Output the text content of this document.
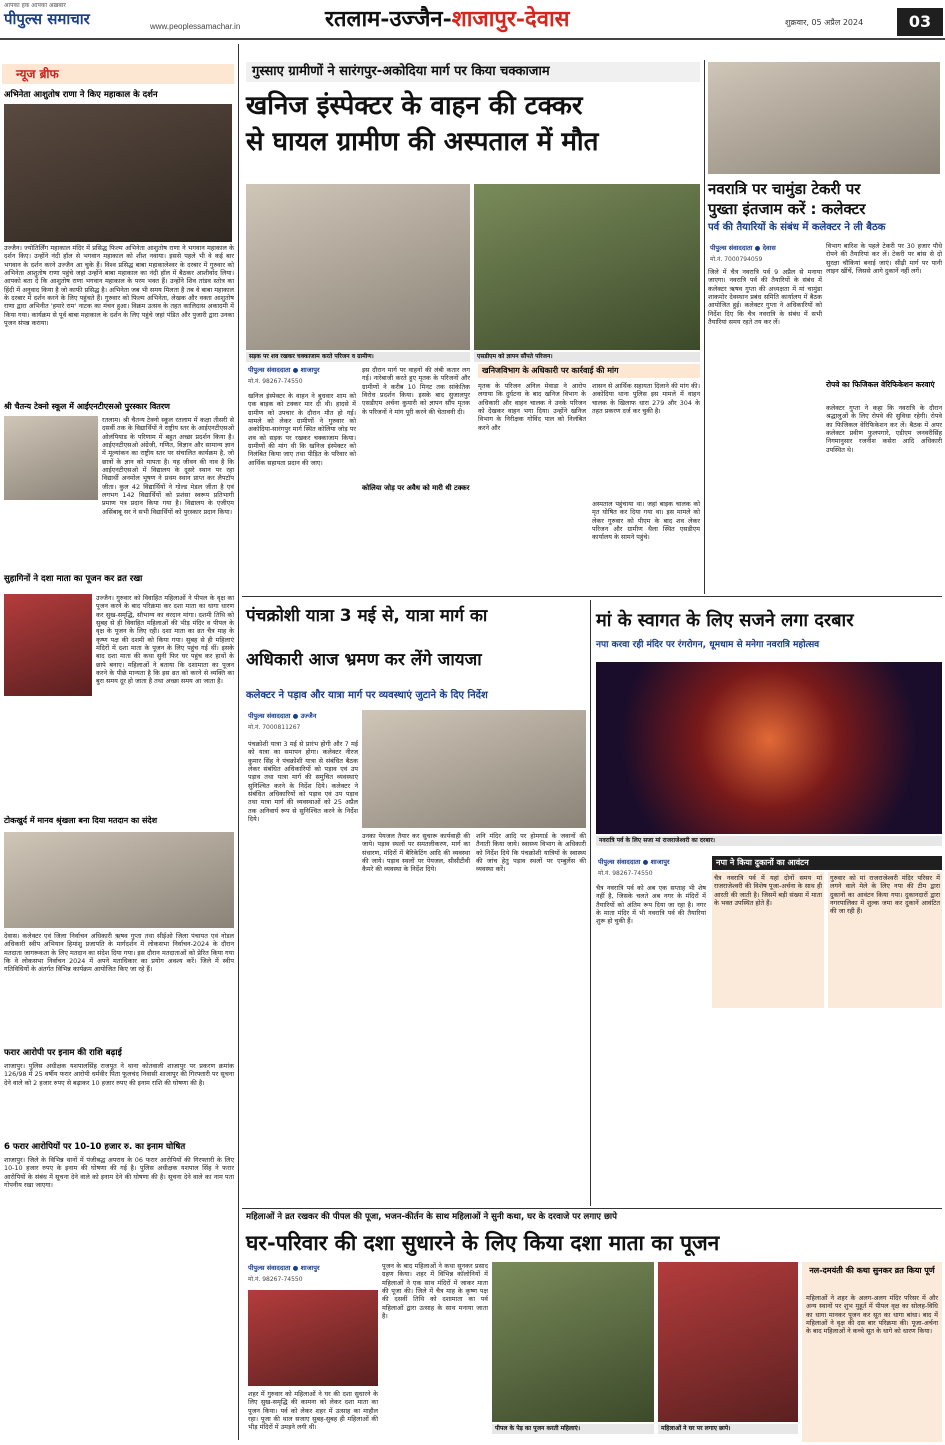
आपका हक आपका अख़बार
पीपुल्स समाचार	www.peoplessamachar.in	रतलाम-उज्जैन-शाजापुर-देवास	शुक्रवार, 05 अप्रैल 2024	03
न्यूज ब्रीफ
अभिनेता आशुतोष राणा ने किए महाकाल के दर्शन
उज्जैन। ज्योतिर्लिंग महाकाल मंदिर में प्रसिद्ध फिल्म अभिनेता आशुतोष राणा ने भगवान महाकाल के दर्शन किए। उन्होंने नंदी हॉल से भगवान महाकाल को शीश नवाया। इससे पहले भी वे कई बार भगवान के दर्शन करने उज्जैन आ चुके हैं। विश्व प्रसिद्ध बाबा महाकालेश्वर के दरबार में गुरुवार को अभिनेता आशुतोष राणा पहुंचे जहां उन्होंने बाबा महाकाल का नंदी हॉल में बैठकर आशीर्वाद लिया। आपको बता दें कि आशुतोष राणा भगवान महाकाल के परम भक्त हैं। उन्होंने शिव तांडव स्तोत्र का हिंदी में अनुवाद किया है जो काफी प्रसिद्ध है। अभिनेता जब भी समय मिलता है तब वे बाबा महाकाल के दरबार में दर्शन करने के लिए पहुंचते हैं। गुरुवार को फिल्म अभिनेता, लेखक और वक्ता आशुतोष राणा द्वारा अभिनीत 'हमारे राम' नाटक का मंचन हुआ। विक्रम उत्सव के तहत कालिदास अकादमी में किया गया। कार्यक्रम से पूर्व बाबा महाकाल के दर्शन के लिए पहुंचे जहां पंडित और पुजारी द्वारा उनका पूजन संपन्न कराया।
श्री चैतन्य टेक्नो स्कूल में आईएनटीएसओ पुरस्कार वितरण
रतलाम। श्री चैतन्य टेक्नो स्कूल रतलाम में कक्षा तीसरी से दसवीं तक के विद्यार्थियों ने राष्ट्रीय स्तर के आईएनटीएसओ ओलंपियाड के परिणाम में बहुत अच्छा प्रदर्शन किया है। आईएनटीएसओ अंग्रेजी, गणित, विज्ञान और सामान्य ज्ञान में मूल्यांकन का राष्ट्रीय स्तर पर संचालित कार्यक्रम है, जो छात्रों के ज्ञान को मापता है। यह जीवन की नाव है कि आईएनटीएसओ में विद्यालय के दूसरे स्थान पर रहा विद्यार्थी अनमोल भूषण ने प्रथम स्थान प्राप्त कर लैपटॉप जीता। कुल 42 विद्यार्थियों ने गोल्ड मेडल जीता है एवं लगभग 142 विद्यार्थियों को प्रशंसा स्वरूप प्रतिभागी प्रमाण पत्र प्रदान किया गया है। विद्यालय के एजीएम असिंबाबू सर ने सभी विद्यार्थियों को पुरस्कार प्रदान किया।
सुहागिनों ने दशा माता का पूजन कर व्रत रखा
उज्जैन। गुरुवार को विवाहित महिलाओं ने पीपल के वृक्ष का पूजन करने के बाद परिक्रमा कर दशा माता का धागा धारण कर सुख-समृद्धि, सौभाग्य का वरदान मांगा। दशमी तिथि को सुबह से ही विवाहित महिलाओं की भीड़ मंदिर व पीपल के वृक्ष के पूजन के लिए रही। दशा माता का व्रत चैत्र माह के कृष्ण पक्ष की दशमी को किया गया। सुबह से ही महिलाएं मंदिरों में दशा माता के पूजन के लिए पहुंच गई थीं। इसके बाद दशा माता की कथा सुनी फिर घर पहुंच कर हाथों के छापे बनाए। महिलाओं ने बताया कि दशामाता का पूजन करने के पीछे मान्यता है कि इस व्रत को करने से व्यक्ति का बुरा समय दूर हो जाता है तथा अच्छा समय आ जाता है।
टोकखुर्द में मानव श्रृंखला बना दिया मतदान का संदेश
देवास। कलेक्टर एवं जिला निर्वाचन अधिकारी ऋषव गुप्ता तथा सीईओ जिला पंचायत एवं नोडल अधिकारी स्वीप अभियान हिमांशु प्रजापति के मार्गदर्शन में लोकसभा निर्वाचन-2024 के दौरान मतदाता जागरूकता के लिए मतदान का संदेश दिया गया। इस दौरान मतदाताओं को प्रेरित किया गया कि वे लोकसभा निर्वाचन 2024 में अपने मताधिकार का प्रयोग अवश्य करें। जिले में स्वीप गतिविधियों के अंतर्गत विभिन्न कार्यक्रम आयोजित किए जा रहे हैं।
फरार आरोपी पर इनाम की राशि बढ़ाई
शाजापुर। पुलिस अधीक्षक यशपालसिंह राजपूत ने थाना कोतवाली शाजापुर पर प्रकरण क्रमांक 126/98 में 25 वर्षीय फरार आरोपी धर्मवीर पिता फूलचंद निवासी शाजापुर की गिरफ्तारी पर सूचना देने वाले को 2 हजार रुपए से बढ़ाकर 10 हजार रुपए की इनाम राशि की घोषणा की है।
6 फरार आरोपियों पर 10-10 हजार रु. का इनाम घोषित
शाजापुर। जिले के विभिन्न थानों में पंजीबद्ध अपराध के 06 फरार आरोपियों की गिरफ्तारी के लिए 10-10 हजार रुपए के इनाम की घोषणा की गई है। पुलिस अधीक्षक यशपाल सिंह ने फरार आरोपियों के संबंध में सूचना देने वाले को इनाम देने की घोषणा की है। सूचना देने वाले का नाम पता गोपनीय रखा जाएगा।
गुस्साए ग्रामीणों ने सारंगपुर-अकोदिया मार्ग पर किया चक्काजाम
खनिज इंस्पेक्टर के वाहन की टक्कर
से घायल ग्रामीण की अस्पताल में मौत
सड़क पर शव रखकर चक्काजाम करते परिजन व ग्रामीण।	एसडीएम को ज्ञापन सौंपते परिजन।
पीपुल्स संवाददाता ● शाजापुर
मो.नं. 98267-74550
खनिजविभाग के अधिकारी पर कार्रवाई की मांग
खनिज इंस्पेक्टर के वाहन ने बुधवार शाम को एक बाइक को टक्कर मार दी थी। हादसे में ग्रामीण को उपचार के दौरान मौत हो गई। मामले को लेकर ग्रामीणों ने गुरुवार को अकोदिया-सारंगपुर मार्ग स्थित कोलिया जोड़ पर शव को सड़क पर रखकर चक्काजाम किया। ग्रामीणों की मांग थी कि खनिज इंस्पेक्टर को निलंबित किया जाए तथा पीड़ित के परिवार को आर्थिक सहायता प्रदान की जाए।
इस दौरान मार्ग पर वाहनों की लंबी कतार लग गई। नारेबाजी करते हुए मृतक के परिजनों और ग्रामीणों ने करीब 10 मिनट तक सांकेतिक विरोध प्रदर्शन किया। इसके बाद सुजालपुर एसडीएम अर्चना कुमारी को ज्ञापन सौंप मृतक के परिजनों ने मांग पूरी करने की चेतावनी दी।
कोलिया जोड़ पर अवैध को मारी थी टक्कर
मृतक के परिजन अनिल मेवाडा ने आरोप लगाया कि दुर्घटना के बाद खनिज विभाग के अधिकारी और वाहन चालक ने उनके परिजन को देखकर वाहन भगा दिया। उन्होंने खनिज विभाग के निरीक्षक गोविंद पाल को निलंबित करने और
शासन से आर्थिक सहायता दिलाने की मांग की। अकोदिया थाना पुलिस इस मामले में वाहन चालक के खिलाफ धारा 279 और 304 के तहत प्रकरण दर्ज कर चुकी है।
अस्पताल पहुंचाया था। जहां बाइक चालक को मृत घोषित कर दिया गया था। इस मामले को लेकर गुरुवार को पीएम के बाद शव लेकर परिजन और ग्रामीण थैला स्थित एसडीएम कार्यालय के सामने पहुंचे।
नवरात्रि पर चामुंडा टेकरी पर
पुख्ता इंतजाम करें : कलेक्टर
पर्व की तैयारियों के संबंध में कलेक्टर ने ली बैठक
पीपुल्स संवाददाता ● देवास
मो.नं. 7000794059
जिले में चैत्र नवरात्रि पर्व 9 अप्रैल से मनाया जाएगा। नवरात्रि पर्व की तैयारियों के संबंध में कलेक्टर ऋषव गुप्ता की अध्यक्षता में मां चामुंडा शाकमोर देवस्थान प्रबंध समिति कार्यालय में बैठक आयोजित हुई। कलेक्टर गुप्ता ने अधिकारियों को निर्देश दिए कि चैत्र नवरात्रि के संबंध में सभी तैयारियां समय रहते तय कर लें।
विभाग बारिश के पहले टेकरी पर 30 हजार पौधे रोपने की तैयारियां कर लें। टेकरी पर बांस से दो सुरक्षा चौकियां बनाई जाएं। सीढ़ी मार्ग पर पानी लाइन खींचें, जिससे आगे दुकानें नहीं लगें।
रोपवे का फिजिकल वेरिफिकेशन करवाएं
कलेक्टर गुप्ता ने कहा कि नवरात्रि के दौरान श्रद्धालुओं के लिए रोपवे की सुविधा रहेगी। रोपवे का फिजिकल वेरिफिकेशन कर लें। बैठक में अपर कलेक्टर प्रवीण फुलपगारे, एडीएम जनवरीसिंह निगमानुसार रजनीश कसेरा आदि अधिकारी उपस्थित थे।
पंचक्रोशी यात्रा 3 मई से, यात्रा मार्ग का
अधिकारी आज भ्रमण कर लेंगे जायजा
कलेक्टर ने पड़ाव और यात्रा मार्ग पर व्यवस्थाएं जुटाने के दिए निर्देश
पीपुल्स संवाददाता ● उज्जैन
मो.नं. 7000811267
पंचक्रोशी यात्रा 3 मई से प्रारंभ होगी और 7 मई को यात्रा का समापन होगा। कलेक्टर नीरज कुमार सिंह ने पंचक्रोशी यात्रा से संबंधित बैठक लेकर संबंधित अधिकारियों को पड़ाव एवं उप पड़ाव तथा यात्रा मार्ग की समुचित व्यवस्थाएं सुनिश्चित करने के निर्देश दिये। कलेक्टर ने संबंधित अधिकारियों को पड़ाव एवं उप पड़ाव तथा यात्रा मार्ग की व्यवस्थाओं को 25 अप्रैल तक अनिवार्य रूप से सुनिश्चित करने के निर्देश दिये।
उनका पेयजल तैयार कर सुचारू कार्यवाही की जाये। पड़ाव स्थलों पर समतलीकरण, मार्ग का संधारण, मंदिरों में बैरिकेटिंग आदि की व्यवस्था की जाये। पड़ाव स्थलों पर पेयजल, सीसीटीवी कैमरे की व्यवस्था के निर्देश दिये।
शनि मंदिर आदि पर होमगार्ड के जवानों की तैनाती किया जाये। स्वास्थ्य विभाग के अधिकारी को निर्देश दिये कि पंचक्रोशी यात्रियों के स्वास्थ्य की जांच हेतु पड़ाव स्थलों पर एम्बुलेंस की व्यवस्था करें।
मां के स्वागत के लिए सजने लगा दरबार
नपा करवा रही मंदिर पर रंगरोगन, धूमधाम से मनेगा नवरात्रि महोत्सव
नवरात्रि पर्व के लिए सजा मां राजराजेश्वरी का दरबार।
पीपुल्स संवाददाता ● शाजापुर
मो.नं. 98267-74550
चैत्र नवरात्रि पर्व को अब एक सप्ताह भी शेष नहीं है, जिसके चलते अब नगर के मंदिरों में तैयारियों को अंतिम रूप दिया जा रहा है। नगर के माता मंदिर में भी नवरात्रि पर्व की तैयारियां शुरू हो चुकी हैं।
नपा ने किया दुकानों का आवंटन
चैत्र नवरात्रि पर्व में यहां दोनों समय मां राजराजेश्वरी की विशेष पूजा-अर्चना के साथ ही आरती की जाती है। जिसमें बड़ी संख्या में माता के भक्त उपस्थित होते हैं।
गुरुवार को मां राजराजेश्वरी मंदिर परिसर में लगने वाले मेले के लिए नपा की टीम द्वारा दुकानों का आवंटन किया गया। दुकानदारों द्वारा नगरपालिका में शुल्क जमा कर दुकानें आवंटित की जा रही हैं।
महिलाओं ने व्रत रखकर की पीपल की पूजा, भजन-कीर्तन के साथ महिलाओं ने सुनी कथा, घर के दरवाजे पर लगाए छापे
घर-परिवार की दशा सुधारने के लिए किया दशा माता का पूजन
पीपुल्स संवाददाता ● शाजापुर
मो.नं. 98267-74550
शहर में गुरुवार को महिलाओं ने घर की दशा सुधारने के लिए सुख-समृद्धि की कामना को लेकर दशा माता का पूजन किया। पर्व को लेकर शहर में उत्साह का माहौल रहा। पूजा की थाल सजाए सुबह-सुबह ही महिलाओं की भीड़ मंदिरों में उमड़ने लगी थी।
पूजन के बाद महिलाओं ने कथा सुनकर प्रसाद ग्रहण किया। शहर में विभिन्न कॉलोनियों में महिलाओं ने एक साथ मंदिरों में जाकर माता की पूजा की। जिले में चैत्र माह के कृष्ण पक्ष की दसवीं तिथि को दशामाता का पर्व महिलाओं द्वारा उत्साह के साथ मनाया जाता है।
पीपल के पेड़ का पूजन करती महिलाएं।	महिलाओं ने घर पर लगाए छापे।
नल-दमयंती की कथा सुनकर व्रत किया पूर्ण
महिलाओं ने शहर के अलग-अलग मंदिर परिसर में और अन्य स्थानों पर शुभ मुहूर्त में पीपल वृक्ष का सोलह-विधि का धागा मानकर पूजन कर सूत का धागा बांधा। बाद में महिलाओं ने वृक्ष की दस बार परिक्रमा की। पूजा-अर्चना के बाद महिलाओं ने कच्चे सूत के धागे को धारण किया।
